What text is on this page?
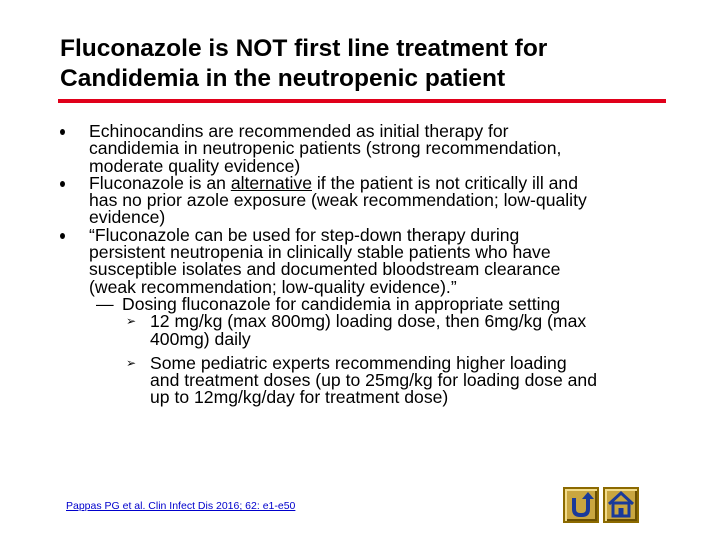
Fluconazole is NOT first line treatment for
Candidemia in the neutropenic patient
Echinocandins are recommended as initial therapy for
candidemia in neutropenic patients (strong recommendation,
moderate quality evidence)
Fluconazole is an alternative if the patient is not critically ill and
has no prior azole exposure (weak recommendation; low-quality
evidence)
“Fluconazole can be used for step-down therapy during
persistent neutropenia in clinically stable patients who have
susceptible isolates and documented bloodstream clearance
(weak recommendation; low-quality evidence).”
— Dosing fluconazole for candidemia in appropriate setting
➢ 12 mg/kg (max 800mg) loading dose, then 6mg/kg (max
400mg) daily
➢ Some pediatric experts recommending higher loading
and treatment doses (up to 25mg/kg for loading dose and
up to 12mg/kg/day for treatment dose)
Pappas PG et al. Clin Infect Dis 2016; 62: e1-e50
